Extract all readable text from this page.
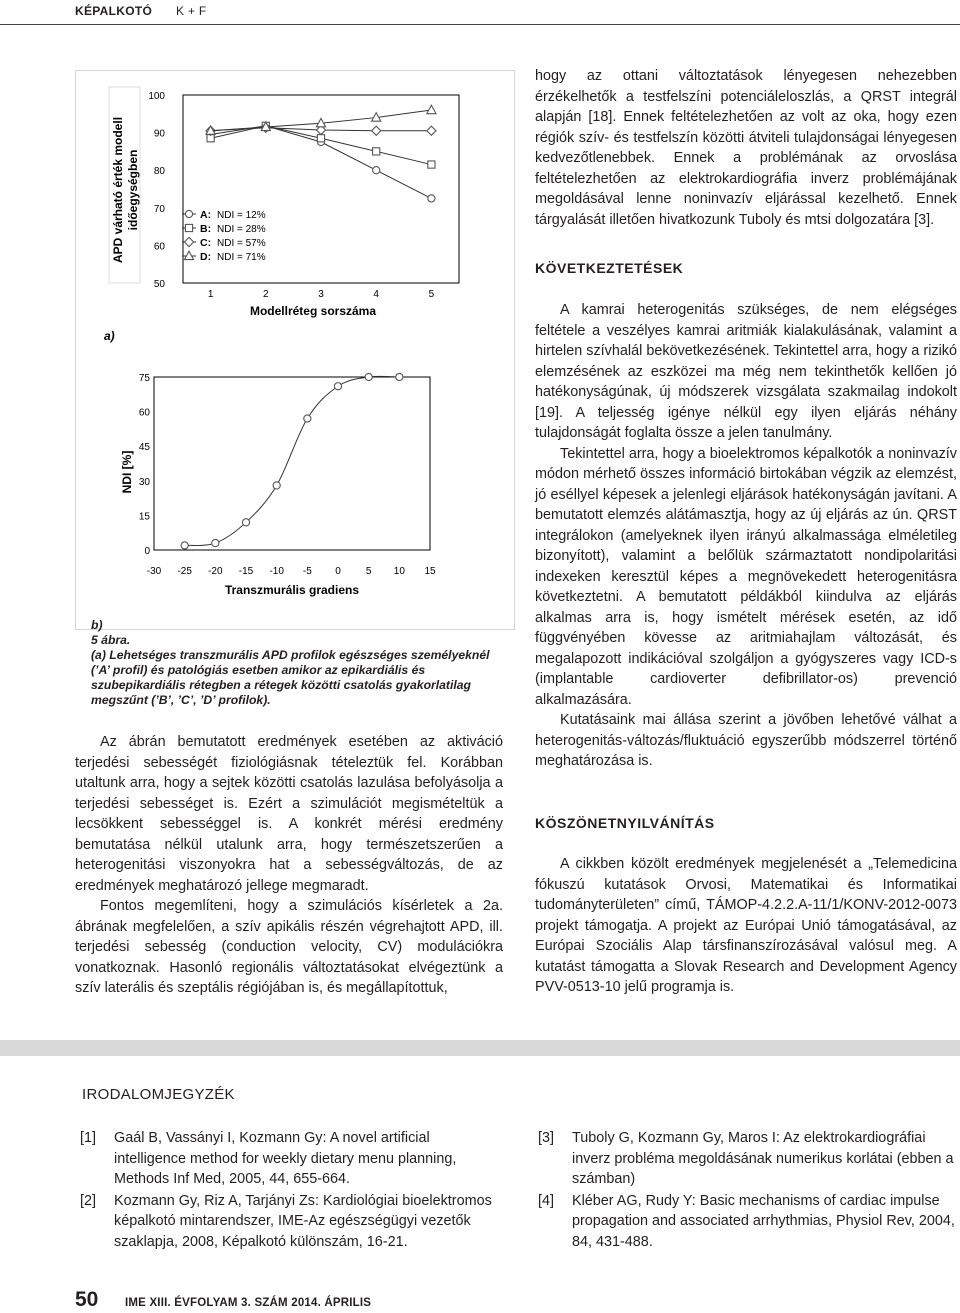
KÉPALKOTÓ K + F
APD várható érték modell időegységben
100
90
80
70
60
50
1	2	3	4	5
Modellréteg sorszáma
A: NDI = 12%
B: NDI = 28%
C: NDI = 57%
D: NDI = 71%
NDI [%]
75
60
45
30
15
0
-30 -25 -20 -15 -10 -5 0	5 10 15
Transzmurális gradiens
a)
b)
5 ábra.
(a) Lehetséges transzmurális APD profilok egészséges személyeknél (’A’ profil) és patológiás esetben amikor az epikardiális és szubepikardiális rétegben a rétegek közötti csatolás gyakorlatilag megszűnt (’B’, ’C’, ’D’ profilok).

Az ábrán bemutatott eredmények esetében az aktiváció terjedési sebességét fiziológiásnak tételeztük fel. Korábban utaltunk arra, hogy a sejtek közötti csatolás lazulása befolyásolja a terjedési sebességet is. Ezért a szimulációt megismételtük a lecsökkent sebességgel is. A konkrét mérési eredmény bemutatása nélkül utalunk arra, hogy természetszerűen a heterogenitási viszonyokra hat a sebességváltozás, de az eredmények meghatározó jellege megmaradt.

Fontos megemlíteni, hogy a szimulációs kísérletek a 2a. ábrának megfelelően, a szív apikális részén végrehajtott APD, ill. terjedési sebesség (conduction velocity, CV) modulációkra vonatkoznak. Hasonló regionális változtatásokat elvégeztünk a szív laterális és szeptális régiójában is, és megállapítottuk,

hogy az ottani változtatások lényegesen nehezebben érzékelhetők a testfelszíni potenciáleloszlás, a QRST integrál alapján [18]. Ennek feltételezhetően az volt az oka, hogy ezen régiók szív- és testfelszín közötti átviteli tulajdonságai lényegesen kedvezőtlenebbek. Ennek a problémának az orvoslása feltételezhetően az elektrokardiográfia inverz problémájának megoldásával lenne noninvazív eljárással kezelhető. Ennek tárgyalását illetően hivatkozunk Tuboly és mtsi dolgozatára [3].

KÖVETKEZTETÉSEK

A kamrai heterogenitás szükséges, de nem elégséges feltétele a veszélyes kamrai aritmiák kialakulásának, valamint a hirtelen szívhalál bekövetkezésének. Tekintettel arra, hogy a rizikó elemzésének az eszközei ma még nem tekinthetők kellően jó hatékonyságúnak, új módszerek vizsgálata szakmailag indokolt [19]. A teljesség igénye nélkül egy ilyen eljárás néhány tulajdonságát foglalta össze a jelen tanulmány.

Tekintettel arra, hogy a bioelektromos képalkotók a noninvazív módon mérhető összes információ birtokában végzik az elemzést, jó eséllyel képesek a jelenlegi eljárások hatékonyságán javítani. A bemutatott elemzés alátámasztja, hogy az új eljárás az ún. QRST integrálokon (amelyeknek ilyen irányú alkalmassága elméletileg bizonyított), valamint a belőlük származtatott nondipolaritási indexeken keresztül képes a megnövekedett heterogenitásra következtetni. A bemutatott példákból kiindulva az eljárás alkalmas arra is, hogy ismételt mérések esetén, az idő függvényében kövesse az aritmiahajlam változását, és megalapozott indikációval szolgáljon a gyógyszeres vagy ICD-s (implantable cardioverter defibrillator-os) prevenció alkalmazására.

Kutatásaink mai állása szerint a jövőben lehetővé válhat a heterogenitás-változás/fluktuáció egyszerűbb módszerrel történő meghatározása is.

KÖSZÖNETNYILVÁNÍTÁS

A cikkben közölt eredmények megjelenését a „Telemedicina fókuszú kutatások Orvosi, Matematikai és Informatikai tudományterületen” című, TÁMOP-4.2.2.A-11/1/KONV-2012-0073 projekt támogatja. A projekt az Európai Unió támogatásával, az Európai Szociális Alap társfinanszírozásával valósul meg. A kutatást támogatta a Slovak Research and Development Agency PVV-0513-10 jelű programja is.

IRODALOMJEGYZÉK
[1] Gaál B, Vassányi I, Kozmann Gy: A novel artificial intelligence method for weekly dietary menu planning, Methods Inf Med, 2005, 44, 655-664.
[2] Kozmann Gy, Riz A, Tarjányi Zs: Kardiológiai bioelektromos képalkotó mintarendszer, IME-Az egészségügyi vezetők szaklapja, 2008, Képalkotó különszám, 16-21.
[3] Tuboly G, Kozmann Gy, Maros I: Az elektrokardiográfiai inverz probléma megoldásának numerikus korlátai (ebben a számban)
[4] Kléber AG, Rudy Y: Basic mechanisms of cardiac impulse propagation and associated arrhythmias, Physiol Rev, 2004, 84, 431-488.
50 IME XIII. ÉVFOLYAM 3. SZÁM 2014. ÁPRILIS
